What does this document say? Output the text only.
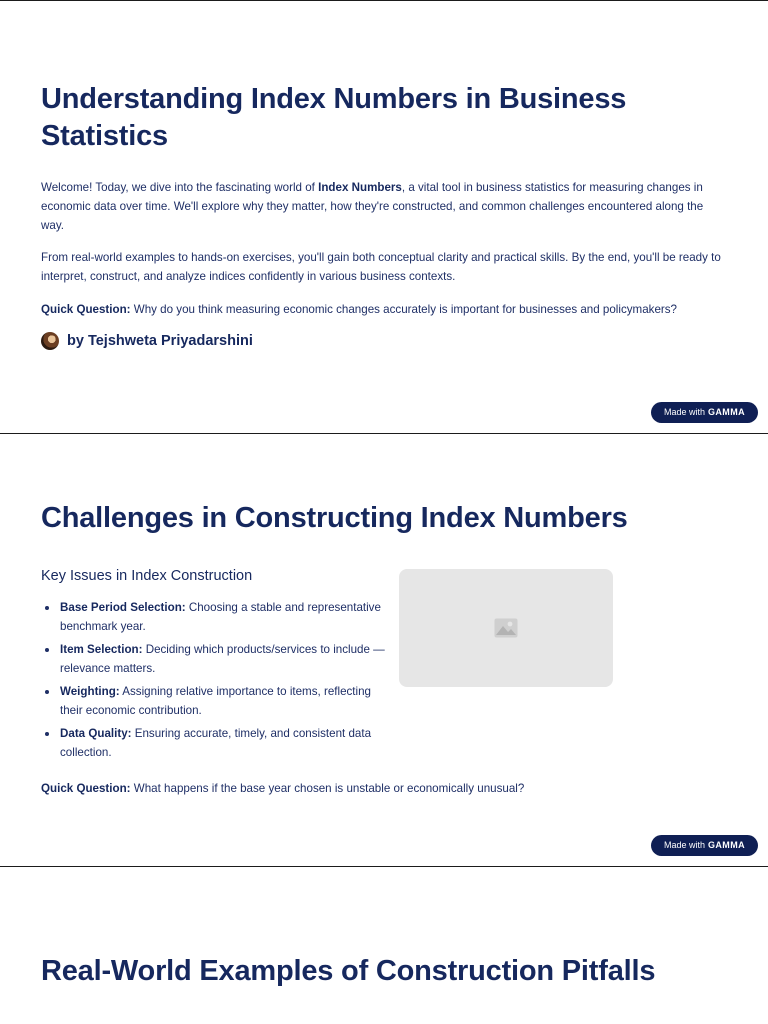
Understanding Index Numbers in Business Statistics

Welcome! Today, we dive into the fascinating world of Index Numbers, a vital tool in business statistics for measuring changes in economic data over time. We'll explore why they matter, how they're constructed, and common challenges encountered along the way.

From real-world examples to hands-on exercises, you'll gain both conceptual clarity and practical skills. By the end, you'll be ready to interpret, construct, and analyze indices confidently in various business contexts.

Quick Question: Why do you think measuring economic changes accurately is important for businesses and policymakers?

by Tejshweta Priyadarshini
Made with GAMMA
Challenges in Constructing Index Numbers
Key Issues in Index Construction
Base Period Selection: Choosing a stable and representative benchmark year.
Item Selection: Deciding which products/services to include — relevance matters.
Weighting: Assigning relative importance to items, reflecting their economic contribution.
Data Quality: Ensuring accurate, timely, and consistent data collection.

Quick Question: What happens if the base year chosen is unstable or economically unusual?

Made with GAMMA
Real-World Examples of Construction Pitfalls
